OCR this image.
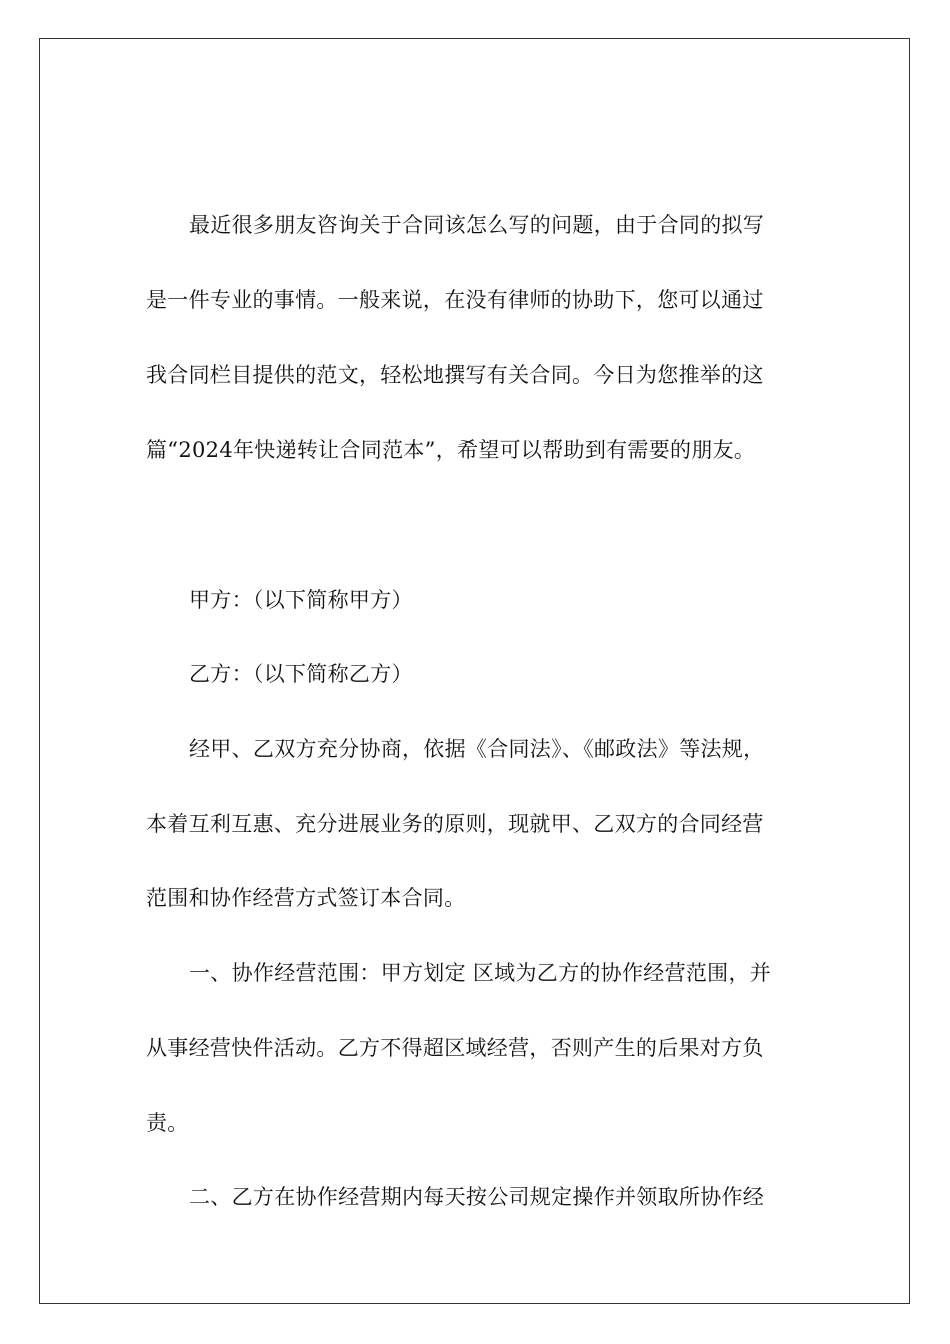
最近很多朋友咨询关于合同该怎么写的问题，由于合同的拟写
是一件专业的事情。一般来说，在没有律师的协助下，您可以通过
我合同栏目提供的范文，轻松地撰写有关合同。今日为您推举的这
篇“2024年快递转让合同范本”，希望可以帮助到有需要的朋友。
甲方：（以下简称甲方）
乙方：（以下简称乙方）
经甲、乙双方充分协商，依据《合同法》、《邮政法》等法规，
本着互利互惠、充分进展业务的原则，现就甲、乙双方的合同经营
范围和协作经营方式签订本合同。
一、协作经营范围：甲方划定 区域为乙方的协作经营范围，并
从事经营快件活动。乙方不得超区域经营，否则产生的后果对方负
责。
二、乙方在协作经营期内每天按公司规定操作并领取所协作经
